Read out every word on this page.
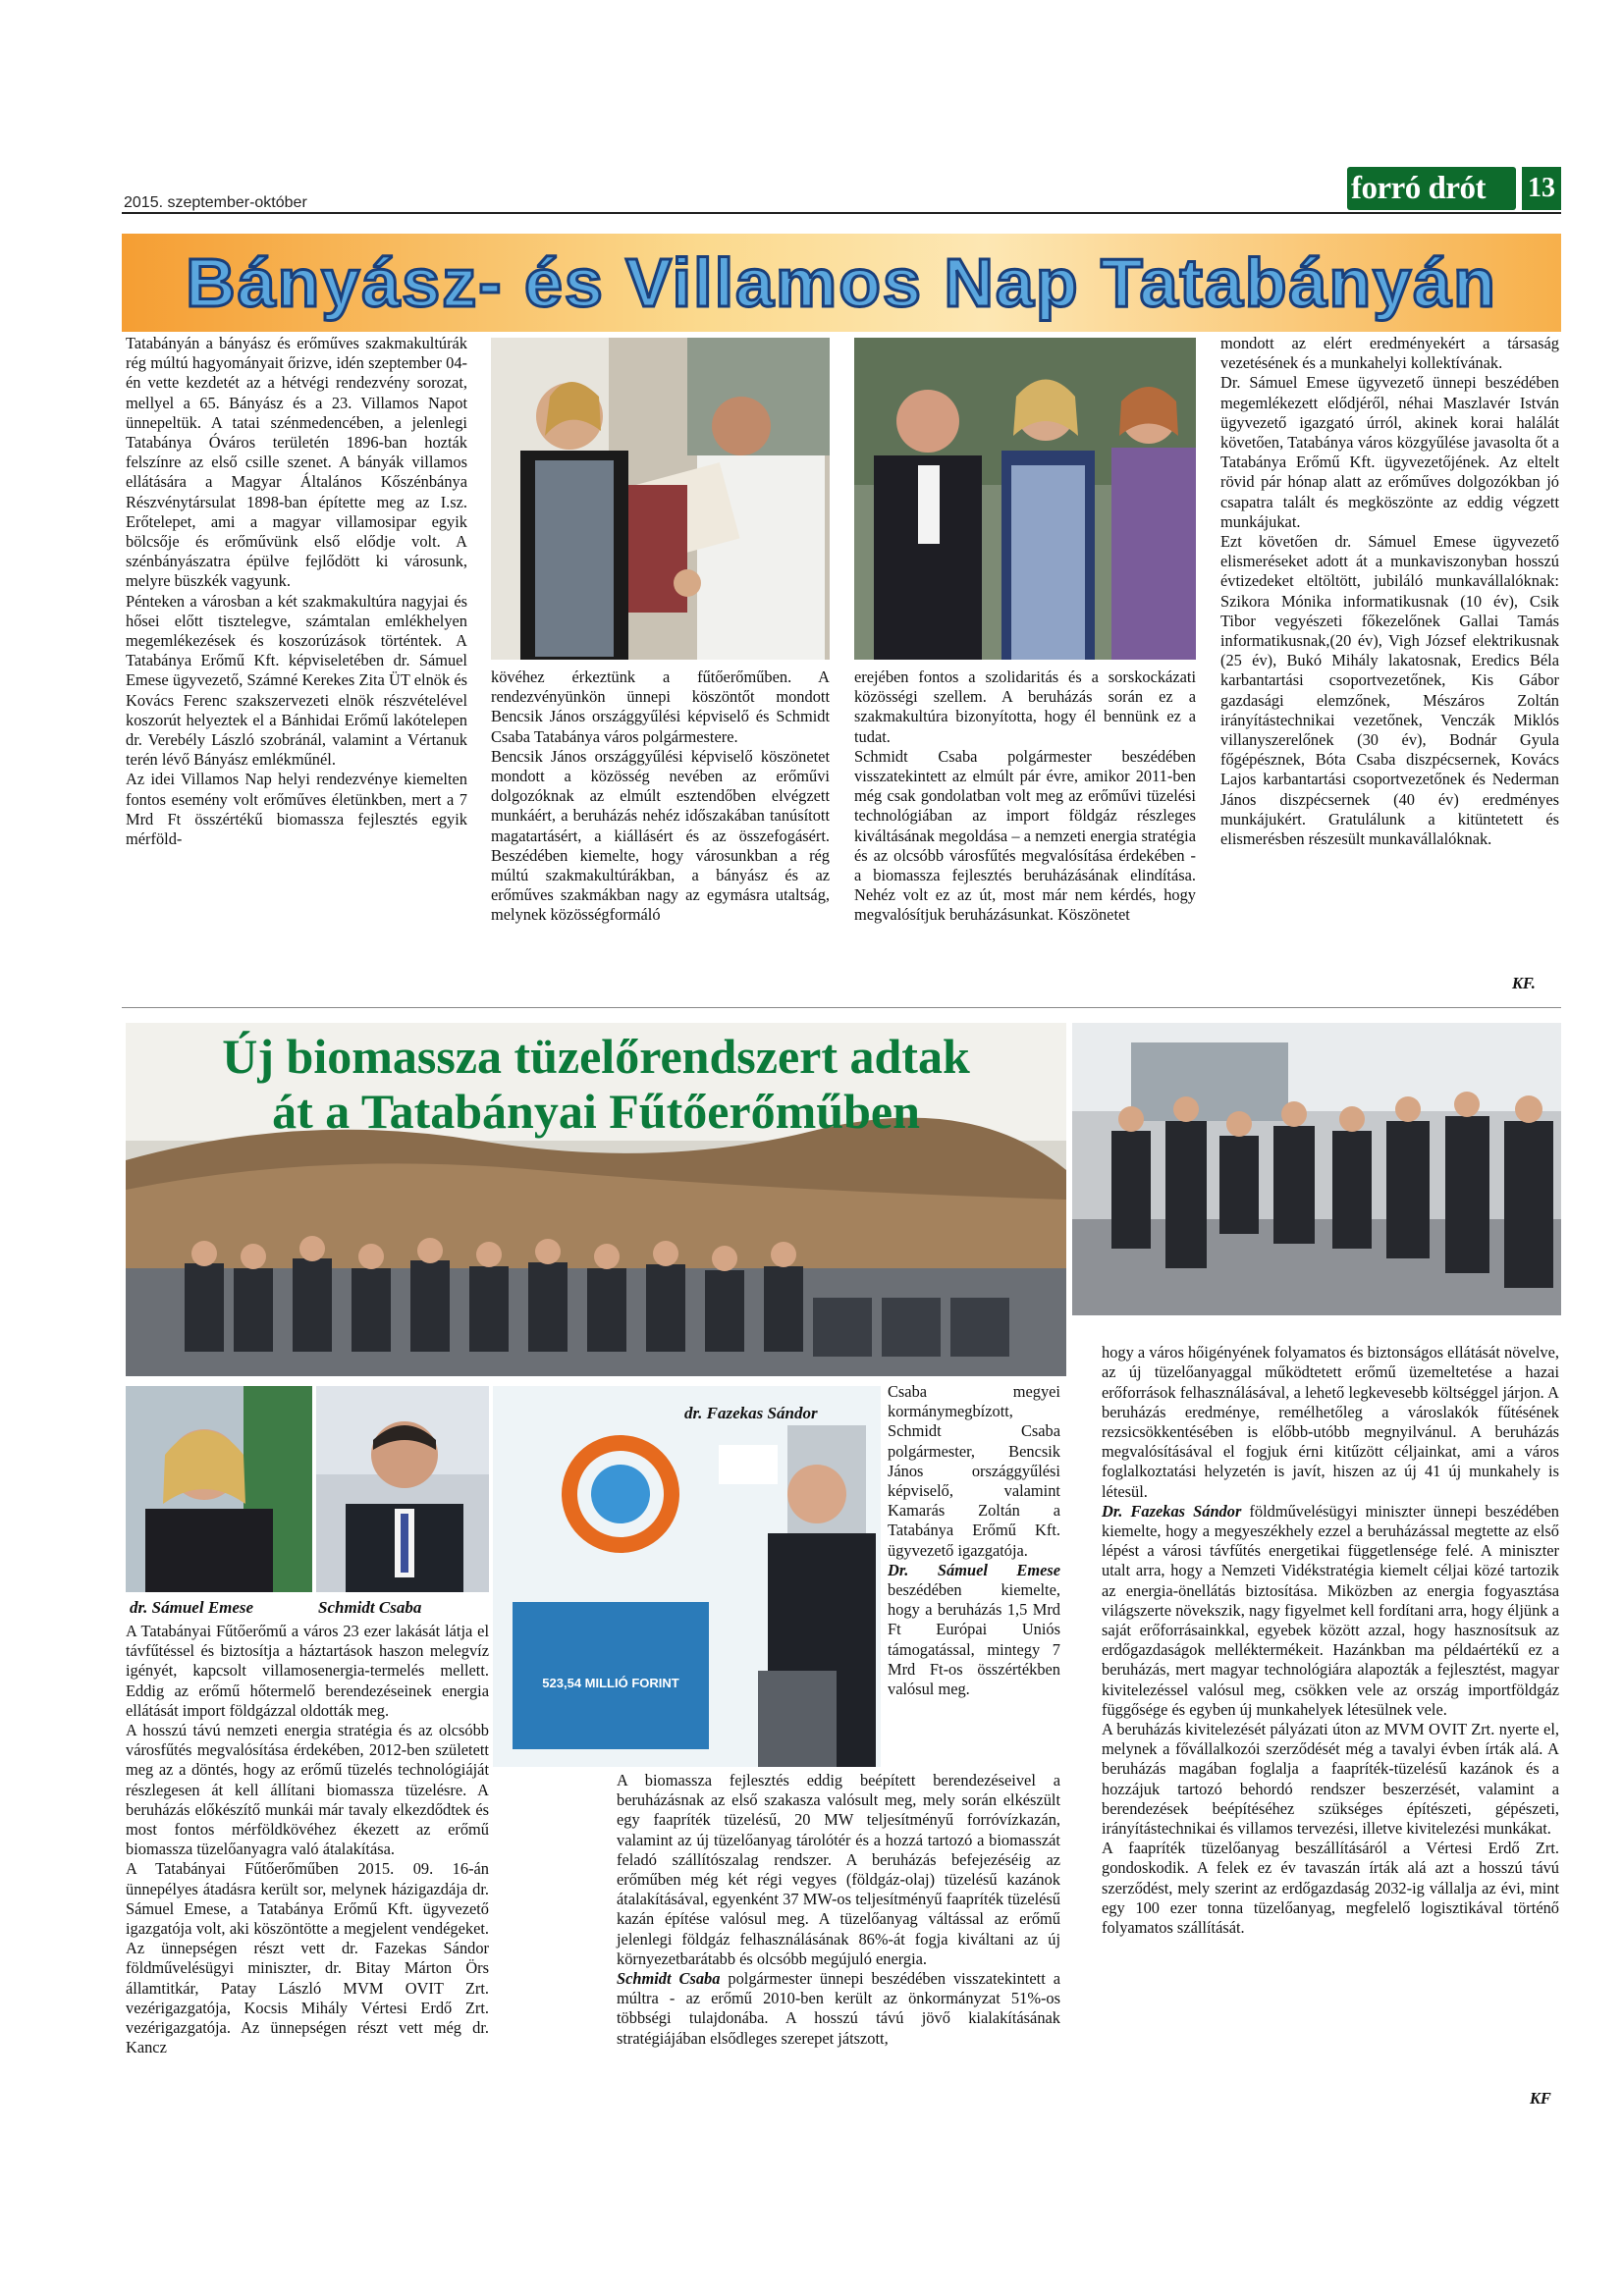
2015. szeptember-október	forró drót	13
Bányász- és Villamos Nap Tatabányán
Tatabányán a bányász és erőműves szakmakultúrák rég múltú hagyományait őrizve, idén szeptember 04-én vette kezdetét az a hétvégi rendezvény sorozat, mellyel a 65. Bányász és a 23. Villamos Napot ünnepeltük. A tatai szénmedencében, a jelenlegi Tatabánya Óváros területén 1896-ban hozták felszínre az első csille szenet. A bányák villamos ellátására a Magyar Általános Kőszénbánya Részvénytársulat 1898-ban építette meg az I.sz. Erőtelepet, ami a magyar villamosipar egyik bölcsője és erőművünk első elődje volt. A szénbányászatra épülve fejlődött ki városunk, melyre büszkék vagyunk.
Pénteken a városban a két szakmakultúra nagyjai és hősei előtt tisztelegve, számtalan emlékhelyen megemlékezések és koszorúzások történtek. A Tatabánya Erőmű Kft. képviseletében dr. Sámuel Emese ügyvezető, Számné Kerekes Zita ÜT elnök és Kovács Ferenc szakszervezeti elnök részvételével koszorút helyeztek el a Bánhidai Erőmű lakótelepen dr. Verebély László szobránál, valamint a Vértanuk terén lévő Bányász emlékműnél.
Az idei Villamos Nap helyi rendezvénye kiemelten fontos esemény volt erőműves életünkben, mert a 7 Mrd Ft összértékű biomassza fejlesztés egyik mérföld-
kövéhez érkeztünk a fűtőerőműben. A rendezvényünkön ünnepi köszöntőt mondott Bencsik János országgyűlési képviselő és Schmidt Csaba Tatabánya város polgármestere.
Bencsik János országgyűlési képviselő köszönetet mondott a közösség nevében az erőművi dolgozóknak az elmúlt esztendőben elvégzett munkáért, a beruházás nehéz időszakában tanúsított magatartásért, a kiállásért és az összefogásért. Beszédében kiemelte, hogy városunkban a rég múltú szakmakultúrákban, a bányász és az erőműves szakmákban nagy az egymásra utaltság, melynek közösségformáló
erejében fontos a szolidaritás és a sorskockázati közösségi szellem. A beruházás során ez a szakmakultúra bizonyította, hogy él bennünk ez a tudat.
Schmidt Csaba polgármester beszédében visszatekintett az elmúlt pár évre, amikor 2011-ben még csak gondolatban volt meg az erőművi tüzelési technológiában az import földgáz részleges kiváltásának megoldása – a nemzeti energia stratégia és az olcsóbb városfűtés megvalósítása érdekében - a biomassza fejlesztés beruházásának elindítása. Nehéz volt ez az út, most már nem kérdés, hogy megvalósítjuk beruházásunkat. Köszönetet
mondott az elért eredményekért a társaság vezetésének és a munkahelyi kollektívának.
Dr. Sámuel Emese ügyvezető ünnepi beszédében megemlékezett elődjéről, néhai Maszlavér István ügyvezető igazgató úrról, akinek korai halálát követően, Tatabánya város közgyűlése javasolta őt a Tatabánya Erőmű Kft. ügyvezetőjének. Az eltelt rövid pár hónap alatt az erőműves dolgozókban jó csapatra talált és megköszönte az eddig végzett munkájukat.
Ezt követően dr. Sámuel Emese ügyvezető elismeréseket adott át a munkaviszonyban hosszú évtizedeket eltöltött, jubiláló munkavállalóknak: Szikora Mónika informatikusnak (10 év), Csik Tibor vegyészeti főkezelőnek Gallai Tamás informatikusnak,(20 év), Vigh József elektrikusnak (25 év), Bukó Mihály lakatosnak, Eredics Béla karbantartási csoportvezetőnek, Kis Gábor gazdasági elemzőnek, Mészáros Zoltán irányítástechnikai vezetőnek, Venczák Miklós villanyszerelőnek (30 év), Bodnár Gyula főgépésznek, Bóta Csaba diszpécsernek, Kovács Lajos karbantartási csoportvezetőnek és Nederman János diszpécsernek (40 év) eredményes munkájukért. Gratulálunk a kitüntetett és elismerésben részesült munkavállalóknak.
KF.
Új biomassza tüzelőrendszert adtak
át a Tatabányai Fűtőerőműben
dr. Sámuel Emese	Schmidt Csaba
523,54 MILLIÓ FORINT
dr. Fazekas Sándor
A Tatabányai Fűtőerőmű a város 23 ezer lakását látja el távfűtéssel és biztosítja a háztartások haszon melegvíz igényét, kapcsolt villamosenergia-termelés mellett. Eddig az erőmű hőtermelő berendezéseinek energia ellátását import földgázzal oldották meg.
A hosszú távú nemzeti energia stratégia és az olcsóbb városfűtés megvalósítása érdekében, 2012-ben született meg az a döntés, hogy az erőmű tüzelés technológiáját részlegesen át kell állítani biomassza tüzelésre. A beruházás előkészítő munkái már tavaly elkezdődtek és most fontos mérföldkövéhez ékezett az erőmű biomassza tüzelőanyagra való átalakítása.
A Tatabányai Fűtőerőműben 2015. 09. 16-án ünnepélyes átadásra került sor, melynek házigazdája dr. Sámuel Emese, a Tatabánya Erőmű Kft. ügyvezető igazgatója volt, aki köszöntötte a megjelent vendégeket. Az ünnepségen részt vett dr. Fazekas Sándor földművelésügyi miniszter, dr. Bitay Márton Örs államtitkár, Patay László MVM OVIT Zrt. vezérigazgatója, Kocsis Mihály Vértesi Erdő Zrt. vezérigazgatója. Az ünnepségen részt vett még dr. Kancz
Csaba megyei kormánymegbízott, Schmidt Csaba polgármester, Bencsik János országgyűlési képviselő, valamint Kamarás Zoltán a Tatabánya Erőmű Kft. ügyvezető igazgatója.
Dr. Sámuel Emese beszédében kiemelte, hogy a beruházás 1,5 Mrd Ft Európai Uniós támogatással, mintegy 7 Mrd Ft-os összértékben valósul meg.
A biomassza fejlesztés eddig beépített berendezéseivel a beruházásnak az első szakasza valósult meg, mely során elkészült egy faapríték tüzelésű, 20 MW teljesítményű forróvízkazán, valamint az új tüzelőanyag tárolótér és a hozzá tartozó a biomasszát feladó szállítószalag rendszer. A beruházás befejezéséig az erőműben még két régi vegyes (földgáz-olaj) tüzelésű kazánok átalakításával, egyenként 37 MW-os teljesítményű faapríték tüzelésű kazán építése valósul meg. A tüzelőanyag váltással az erőmű jelenlegi földgáz felhasználásának 86%-át fogja kiváltani az új környezetbarátabb és olcsóbb megújuló energia.
Schmidt Csaba polgármester ünnepi beszédében visszatekintett a múltra - az erőmű 2010-ben került az önkormányzat 51%-os többségi tulajdonába. A hosszú távú jövő kialakításának stratégiájában elsődleges szerepet játszott,

hogy a város hőigényének folyamatos és biztonságos ellátását növelve, az új tüzelőanyaggal működtetett erőmű üzemeltetése a hazai erőforrások felhasználásával, a lehető legkevesebb költséggel járjon. A beruházás eredménye, remélhetőleg a városlakók fűtésének rezsicsökkentésében is előbb-utóbb megnyilvánul. A beruházás megvalósításával el fogjuk érni kitűzött céljainkat, ami a város foglalkoztatási helyzetén is javít, hiszen az új 41 új munkahely is létesül.
Dr. Fazekas Sándor földművelésügyi miniszter ünnepi beszédében kiemelte, hogy a megyeszékhely ezzel a beruházással megtette az első lépést a városi távfűtés energetikai függetlensége felé. A miniszter utalt arra, hogy a Nemzeti Vidékstratégia kiemelt céljai közé tartozik az energia-önellátás biztosítása. Miközben az energia fogyasztása világszerte növekszik, nagy figyelmet kell fordítani arra, hogy éljünk a saját erőforrásainkkal, egyebek között azzal, hogy hasznosítsuk az erdőgazdaságok melléktermékeit. Hazánkban ma példaértékű ez a beruházás, mert magyar technológiára alapozták a fejlesztést, magyar kivitelezéssel valósul meg, csökken vele az ország importföldgáz függősége és egyben új munkahelyek létesülnek vele.
A beruházás kivitelezését pályázati úton az MVM OVIT Zrt. nyerte el, melynek a fővállalkozói szerződését még a tavalyi évben írták alá. A beruházás magában foglalja a faapríték-tüzelésű kazánok és a hozzájuk tartozó behordó rendszer beszerzését, valamint a berendezések beépítéséhez szükséges építészeti, gépészeti, irányítástechnikai és villamos tervezési, illetve kivitelezési munkákat.
A faapríték tüzelőanyag beszállításáról a Vértesi Erdő Zrt. gondoskodik. A felek ez év tavaszán írták alá azt a hosszú távú szerződést, mely szerint az erdőgazdaság 2032-ig vállalja az évi, mint egy 100 ezer tonna tüzelőanyag, megfelelő logisztikával történő folyamatos szállítását.

KF
